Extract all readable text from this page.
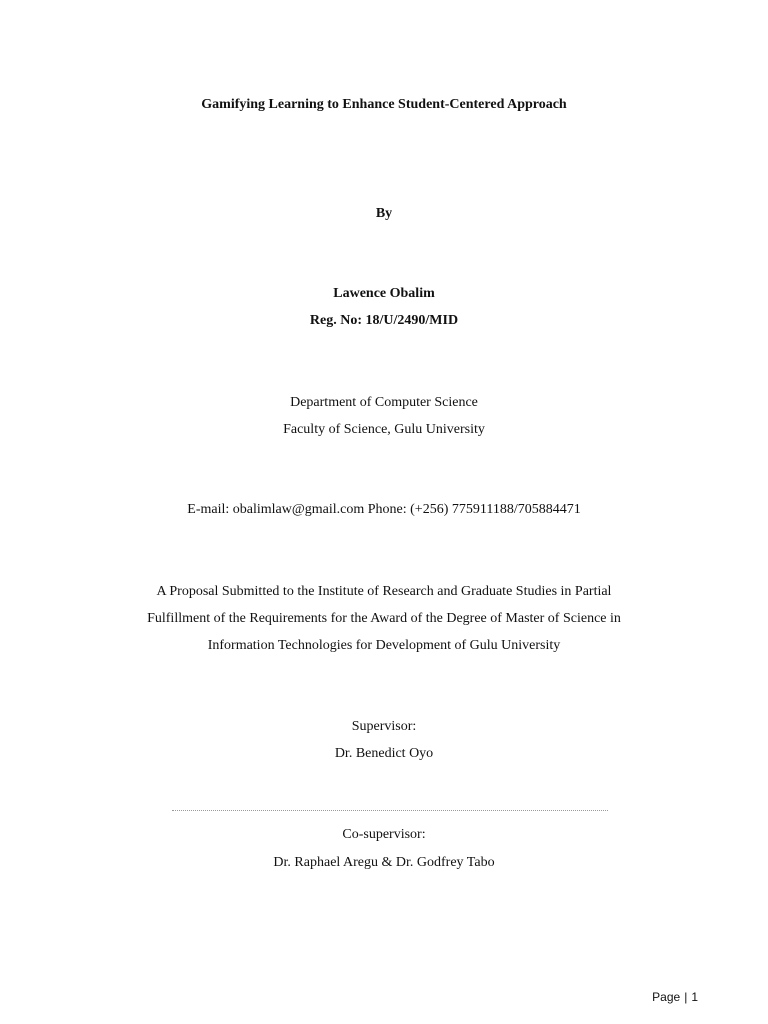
Gamifying Learning to Enhance Student-Centered Approach
By
Lawence Obalim
Reg. No: 18/U/2490/MID
Department of Computer Science
Faculty of Science, Gulu University
E-mail: obalimlaw@gmail.com Phone: (+256) 775911188/705884471
A Proposal Submitted to the Institute of Research and Graduate Studies in Partial
Fulfillment of the Requirements for the Award of the Degree of Master of Science in
Information Technologies for Development of Gulu University
Supervisor:
Dr. Benedict Oyo
Co-supervisor:
Dr. Raphael Aregu & Dr. Godfrey Tabo
Page | 1
